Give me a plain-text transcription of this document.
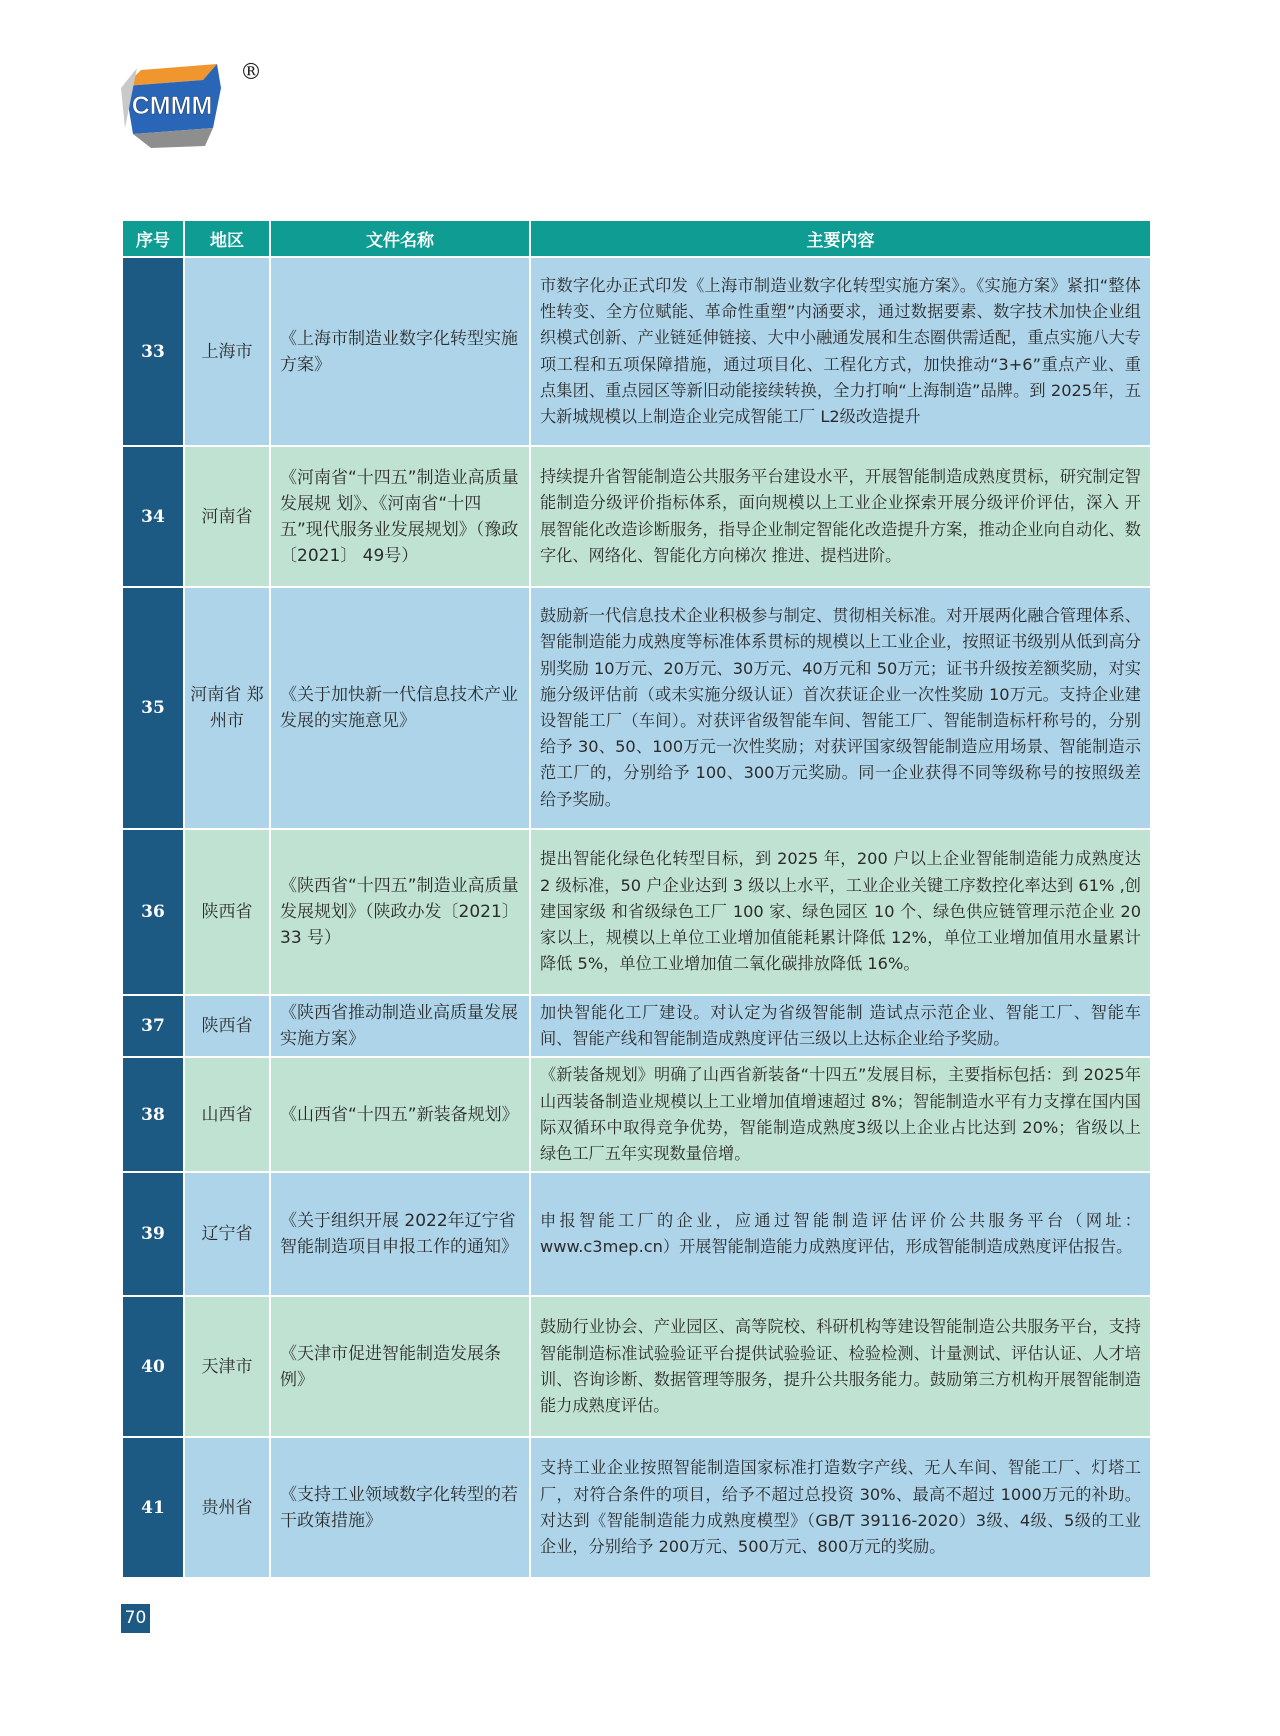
CMMM
®
序号	地区	文件名称	主要内容
33	上海市	《上海市制造业数字化转型实施方案》	市数字化办正式印发《上海市制造业数字化转型实施方案》。《实施方案》紧扣“整体性转变、全方位赋能、革命性重塑”内涵要求，通过数据要素、数字技术加快企业组织模式创新、产业链延伸链接、大中小融通发展和生态圈供需适配，重点实施八大专项工程和五项保障措施，通过项目化、工程化方式，加快推动“3+6”重点产业、重点集团、重点园区等新旧动能接续转换，全力打响“上海制造”品牌。到 2025年，五大新城规模以上制造企业完成智能工厂 L2级改造提升
34	河南省	《河南省“十四五”制造业高质量发展规 划》、《河南省“十四五”现代服务业发展规划》（豫政〔2021〕 49号）	持续提升省智能制造公共服务平台建设水平，开展智能制造成熟度贯标，研究制定智能制造分级评价指标体系，面向规模以上工业企业探索开展分级评价评估，深入 开展智能化改造诊断服务，指导企业制定智能化改造提升方案，推动企业向自动化、数字化、网络化、智能化方向梯次 推进、提档进阶。
35	河南省 郑州市	《关于加快新一代信息技术产业发展的实施意见》	鼓励新一代信息技术企业积极参与制定、贯彻相关标准。对开展两化融合管理体系、智能制造能力成熟度等标准体系贯标的规模以上工业企业，按照证书级别从低到高分别奖励 10万元、20万元、30万元、40万元和 50万元；证书升级按差额奖励，对实施分级评估前（或未实施分级认证）首次获证企业一次性奖励 10万元。支持企业建设智能工厂（车间）。对获评省级智能车间、智能工厂、智能制造标杆称号的，分别给予 30、50、100万元一次性奖励；对获评国家级智能制造应用场景、智能制造示范工厂的，分别给予 100、300万元奖励。同一企业获得不同等级称号的按照级差给予奖励。
36	陕西省	《陕西省“十四五”制造业高质量发展规划》（陕政办发〔2021〕33 号）	提出智能化绿色化转型目标，到 2025 年，200 户以上企业智能制造能力成熟度达 2 级标准，50 户企业达到 3 级以上水平，工业企业关键工序数控化率达到 61% ,创建国家级 和省级绿色工厂 100 家、绿色园区 10 个、绿色供应链管理示范企业 20 家以上，规模以上单位工业增加值能耗累计降低 12%，单位工业增加值用水量累计降低 5%，单位工业增加值二氧化碳排放降低 16%。
37	陕西省	《陕西省推动制造业高质量发展实施方案》	加快智能化工厂建设。对认定为省级智能制 造试点示范企业、智能工厂、智能车间、智能产线和智能制造成熟度评估三级以上达标企业给予奖励。
38	山西省	《山西省“十四五”新装备规划》	《新装备规划》明确了山西省新装备“十四五”发展目标，主要指标包括：到 2025年山西装备制造业规模以上工业增加值增速超过 8%；智能制造水平有力支撑在国内国际双循环中取得竞争优势，智能制造成熟度3级以上企业占比达到 20%；省级以上绿色工厂五年实现数量倍增。
39	辽宁省	《关于组织开展 2022年辽宁省智能制造项目申报工作的通知》	申报智能工厂的企业，应通过智能制造评估评价公共服务平台（网址：www.c3mep.cn）开展智能制造能力成熟度评估，形成智能制造成熟度评估报告。
40	天津市	《天津市促进智能制造发展条例》	鼓励行业协会、产业园区、高等院校、科研机构等建设智能制造公共服务平台，支持智能制造标准试验验证平台提供试验验证、检验检测、计量测试、评估认证、人才培训、咨询诊断、数据管理等服务，提升公共服务能力。鼓励第三方机构开展智能制造能力成熟度评估。
41	贵州省	《支持工业领域数字化转型的若干政策措施》	支持工业企业按照智能制造国家标准打造数字产线、无人车间、智能工厂、灯塔工厂，对符合条件的项目，给予不超过总投资 30%、最高不超过 1000万元的补助。对达到《智能制造能力成熟度模型》（GB/T 39116-2020）3级、4级、5级的工业企业，分别给予 200万元、500万元、800万元的奖励。
70
